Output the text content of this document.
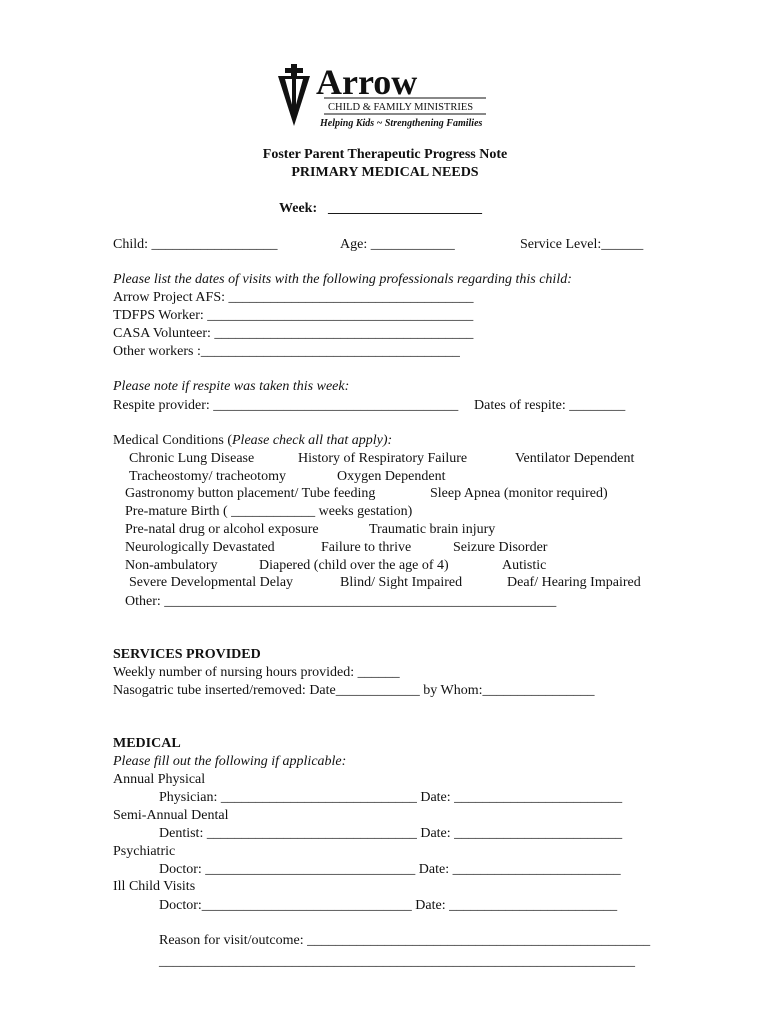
Arrow
CHILD & FAMILY MINISTRIES
Helping Kids ~ Strengthening Families
Foster Parent Therapeutic Progress Note
PRIMARY MEDICAL NEEDS
Week: ______________________
Child: __________________	Age: ____________	Service Level:______
Please list the dates of visits with the following professionals regarding this child:
Arrow Project AFS: ___________________________________
TDFPS Worker: ______________________________________
CASA Volunteer: _____________________________________
Other workers :_____________________________________
Please note if respite was taken this week:
Respite provider: ___________________________________ Dates of respite: ________
Medical Conditions (Please check all that apply):
Chronic Lung Disease	History of Respiratory Failure	Ventilator Dependent
Tracheostomy/ tracheotomy	Oxygen Dependent
Gastronomy button placement/ Tube feeding	Sleep Apnea (monitor required)
Pre-mature Birth ( ____________ weeks gestation)
Pre-natal drug or alcohol exposure	Traumatic brain injury
Neurologically Devastated	Failure to thrive	Seizure Disorder
Non-ambulatory	Diapered (child over the age of 4)	Autistic
Severe Developmental Delay	Blind/ Sight Impaired	Deaf/ Hearing Impaired
Other: ________________________________________________________
SERVICES PROVIDED
Weekly number of nursing hours provided: ______
Nasogatric tube inserted/removed: Date____________ by Whom:________________
MEDICAL
Please fill out the following if applicable:
Annual Physical
Physician: ____________________________ Date: ________________________
Semi-Annual Dental
Dentist: ______________________________ Date: ________________________
Psychiatric
Doctor: ______________________________ Date: ________________________
Ill Child Visits
Doctor:______________________________ Date: ________________________
Reason for visit/outcome: _________________________________________________
____________________________________________________________________
